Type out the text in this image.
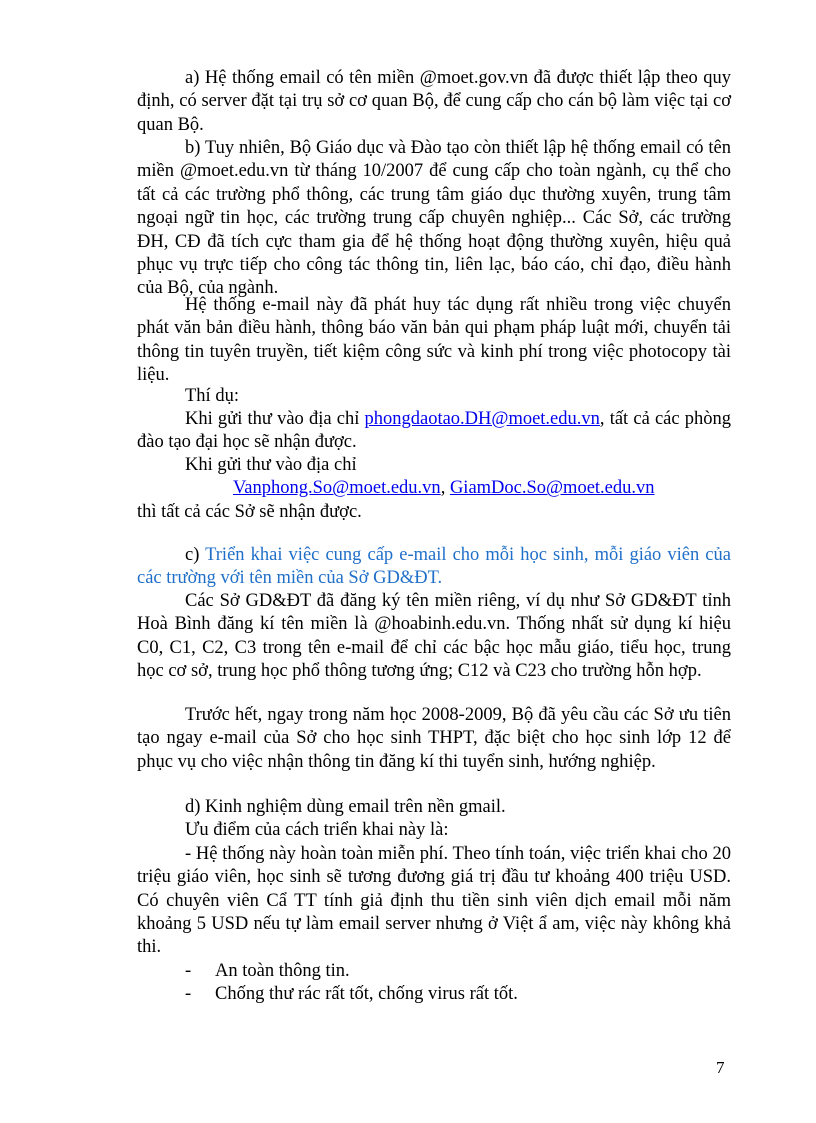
a) Hệ thống email có tên miền @moet.gov.vn đã được thiết lập theo quy định, có server đặt tại trụ sở cơ quan Bộ, để cung cấp cho cán bộ làm việc tại cơ quan Bộ.

b) Tuy nhiên, Bộ Giáo dục và Đào tạo còn thiết lập hệ thống email có tên miền @moet.edu.vn từ tháng 10/2007 để cung cấp cho toàn ngành, cụ thể cho tất cả các trường phổ thông, các trung tâm giáo dục thường xuyên, trung tâm ngoại ngữ tin học, các trường trung cấp chuyên nghiệp... Các Sở, các trường ĐH, CĐ đã tích cực tham gia để hệ thống hoạt động thường xuyên, hiệu quả phục vụ trực tiếp cho công tác thông tin, liên lạc, báo cáo, chỉ đạo, điều hành của Bộ, của ngành.

Hệ thống e-mail này đã phát huy tác dụng rất nhiều trong việc chuyển phát văn bản điều hành, thông báo văn bản qui phạm pháp luật mới, chuyển tải thông tin tuyên truyền, tiết kiệm công sức và kinh phí trong việc photocopy tài liệu.

Thí dụ:

Khi gửi thư vào địa chỉ phongdaotao.DH@moet.edu.vn, tất cả các phòng đào tạo đại học sẽ nhận được.

Khi gửi thư vào địa chỉ

Vanphong.So@moet.edu.vn, GiamDoc.So@moet.edu.vn

thì tất cả các Sở sẽ nhận được.

c) Triển khai việc cung cấp e-mail cho mỗi học sinh, mỗi giáo viên của các trường với tên miền của Sở GD&ĐT.

Các Sở GD&ĐT đã đăng ký tên miền riêng, ví dụ như Sở GD&ĐT tỉnh Hoà Bình đăng kí tên miền là @hoabinh.edu.vn. Thống nhất sử dụng kí hiệu C0, C1, C2, C3 trong tên e-mail để chỉ các bậc học mẫu giáo, tiểu học, trung học cơ sở, trung học phổ thông tương ứng; C12 và C23 cho trường hỗn hợp.

Trước hết, ngay trong năm học 2008-2009, Bộ đã yêu cầu các Sở ưu tiên tạo ngay e-mail của Sở cho học sinh THPT, đặc biệt cho học sinh lớp 12 để phục vụ cho việc nhận thông tin đăng kí thi tuyển sinh, hướng nghiệp.

d) Kinh nghiệm dùng email trên nền gmail.

Ưu điểm của cách triển khai này là:

- Hệ thống này hoàn toàn miễn phí. Theo tính toán, việc triển khai cho 20 triệu giáo viên, học sinh sẽ tương đương giá trị đầu tư khoảng 400 triệu USD. Có chuyên viên Cẩ TT tính giả định thu tiền sinh viên dịch email mỗi năm khoảng 5 USD nếu tự làm email server nhưng ở Việt ẩ am, việc này không khả thi.

-	An toàn thông tin.
-	Chống thư rác rất tốt, chống virus rất tốt.
7
